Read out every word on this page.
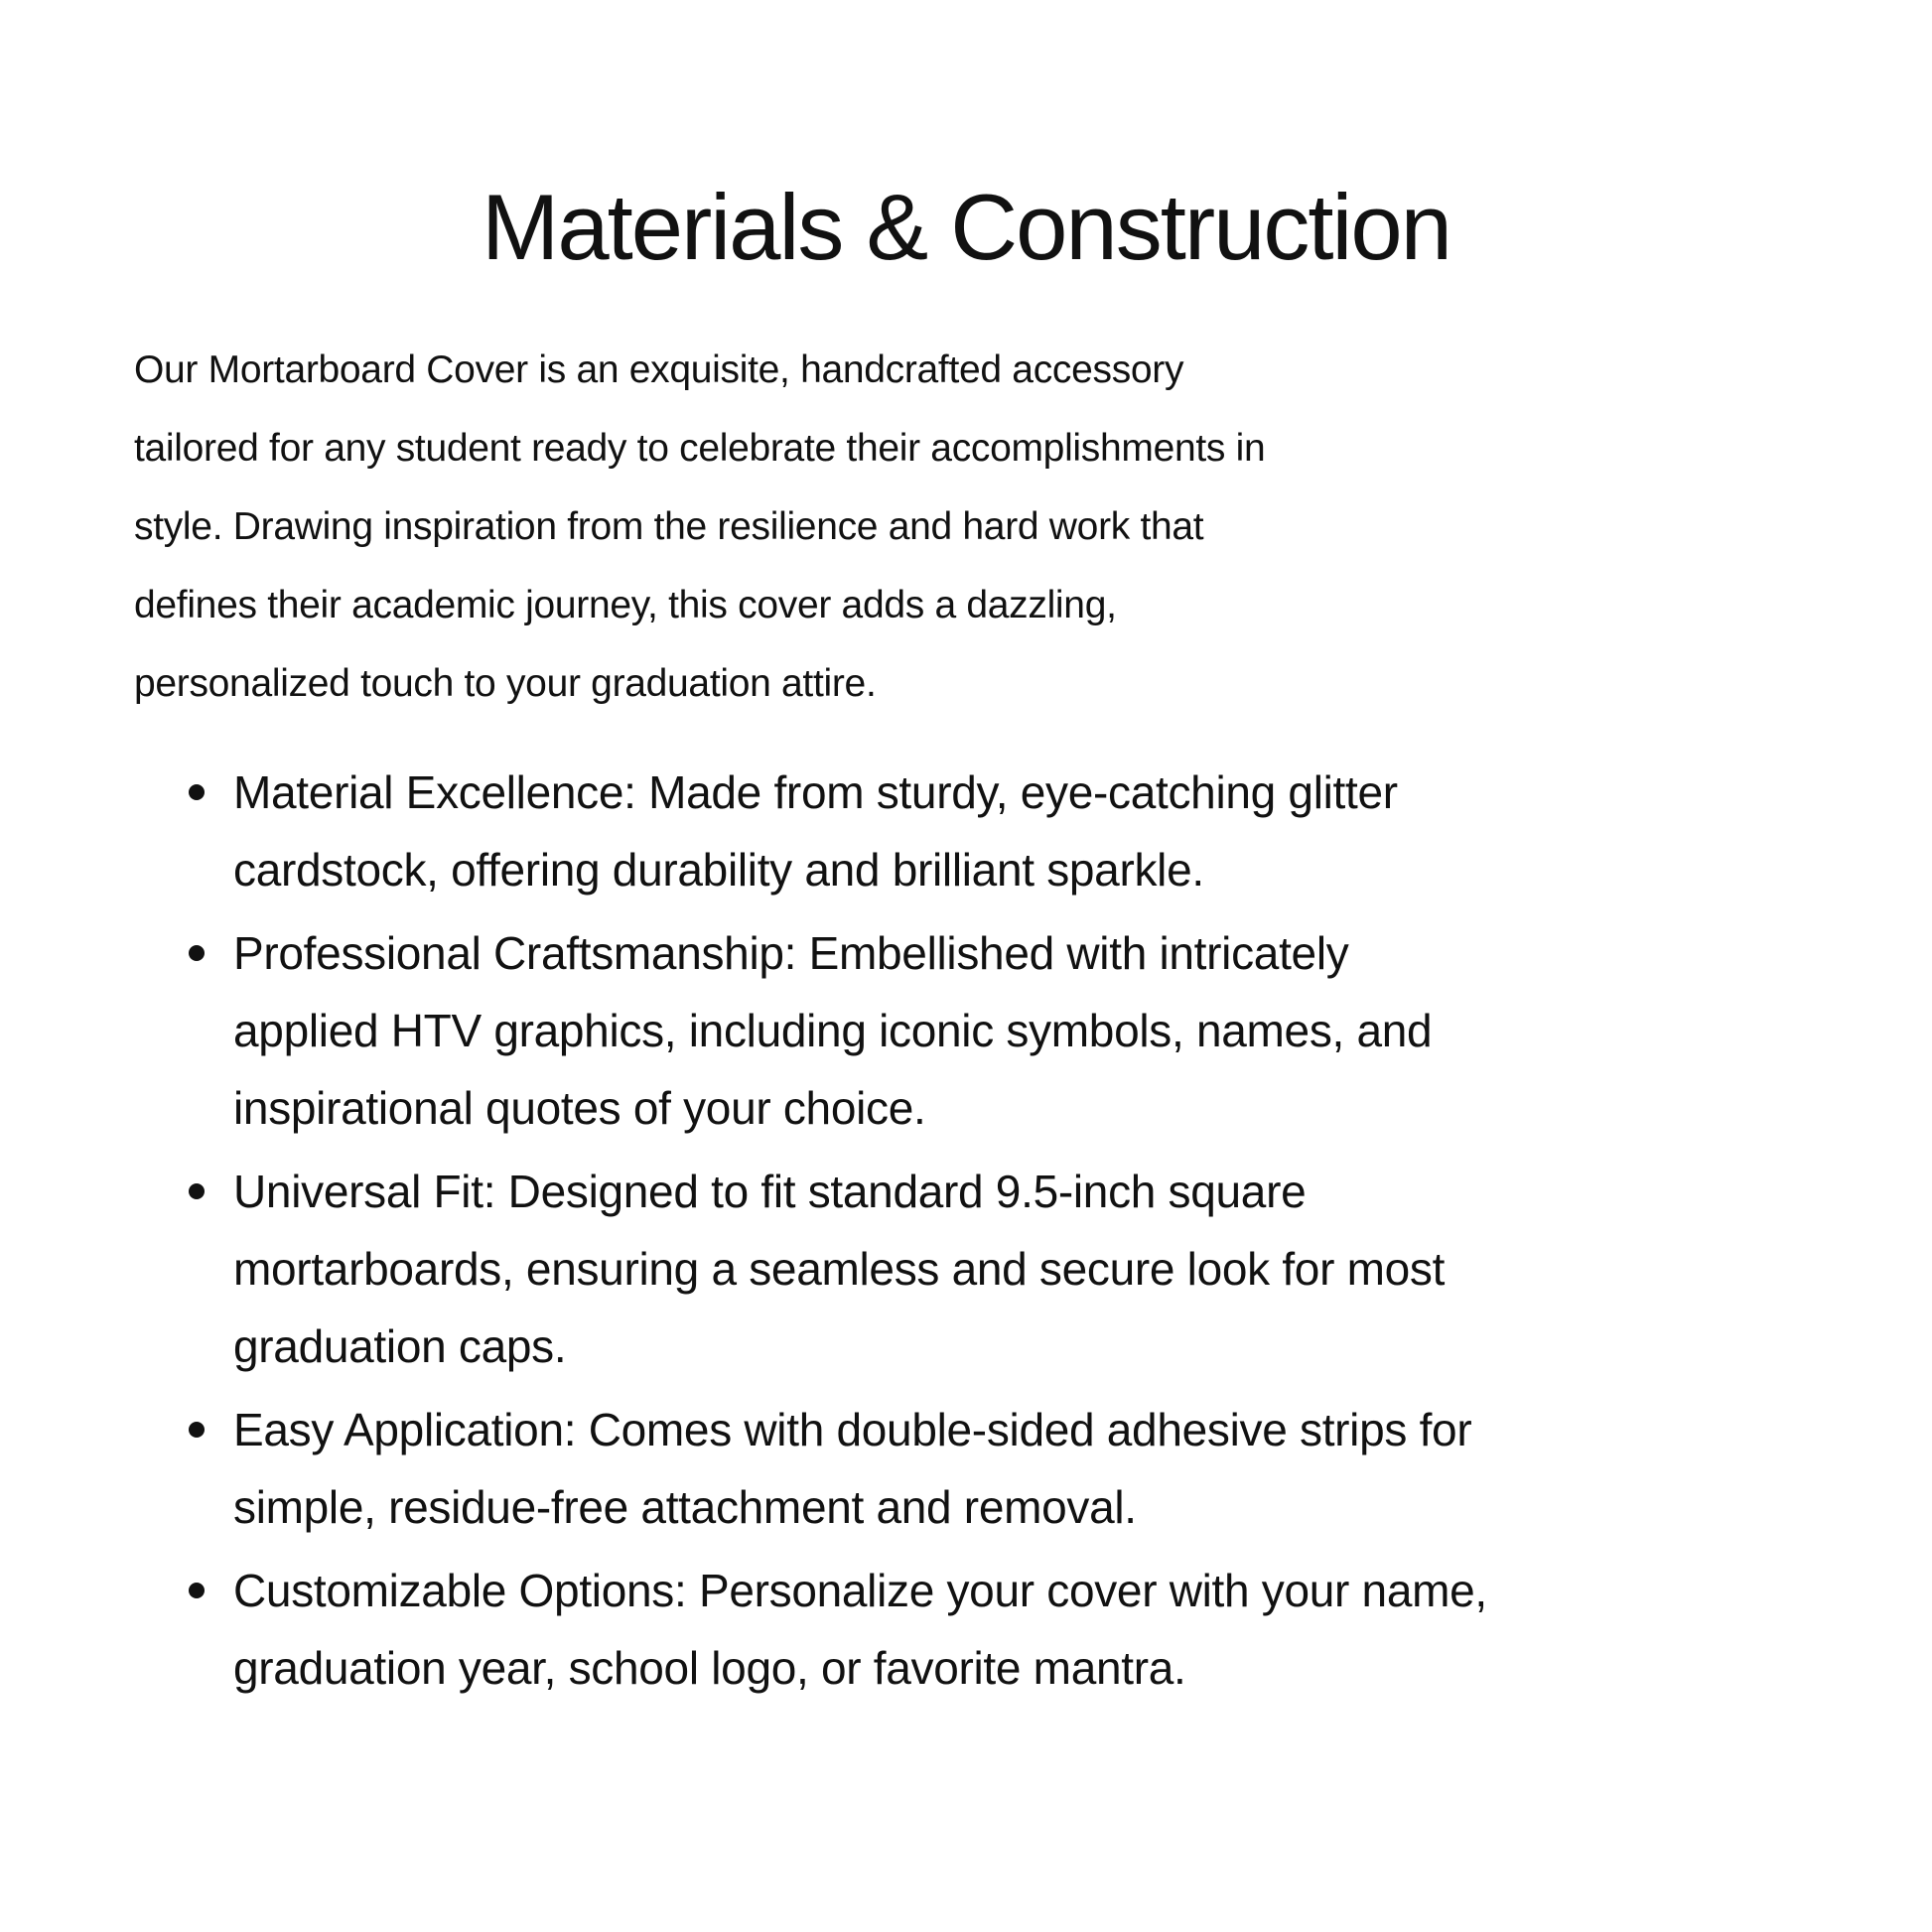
Materials & Construction
Our Mortarboard Cover is an exquisite, handcrafted accessory
tailored for any student ready to celebrate their accomplishments in
style. Drawing inspiration from the resilience and hard work that
defines their academic journey, this cover adds a dazzling,
personalized touch to your graduation attire.
Material Excellence: Made from sturdy, eye-catching glitter
cardstock, offering durability and brilliant sparkle.
Professional Craftsmanship: Embellished with intricately
applied HTV graphics, including iconic symbols, names, and
inspirational quotes of your choice.
Universal Fit: Designed to fit standard 9.5-inch square
mortarboards, ensuring a seamless and secure look for most
graduation caps.
Easy Application: Comes with double-sided adhesive strips for
simple, residue-free attachment and removal.
Customizable Options: Personalize your cover with your name,
graduation year, school logo, or favorite mantra.
